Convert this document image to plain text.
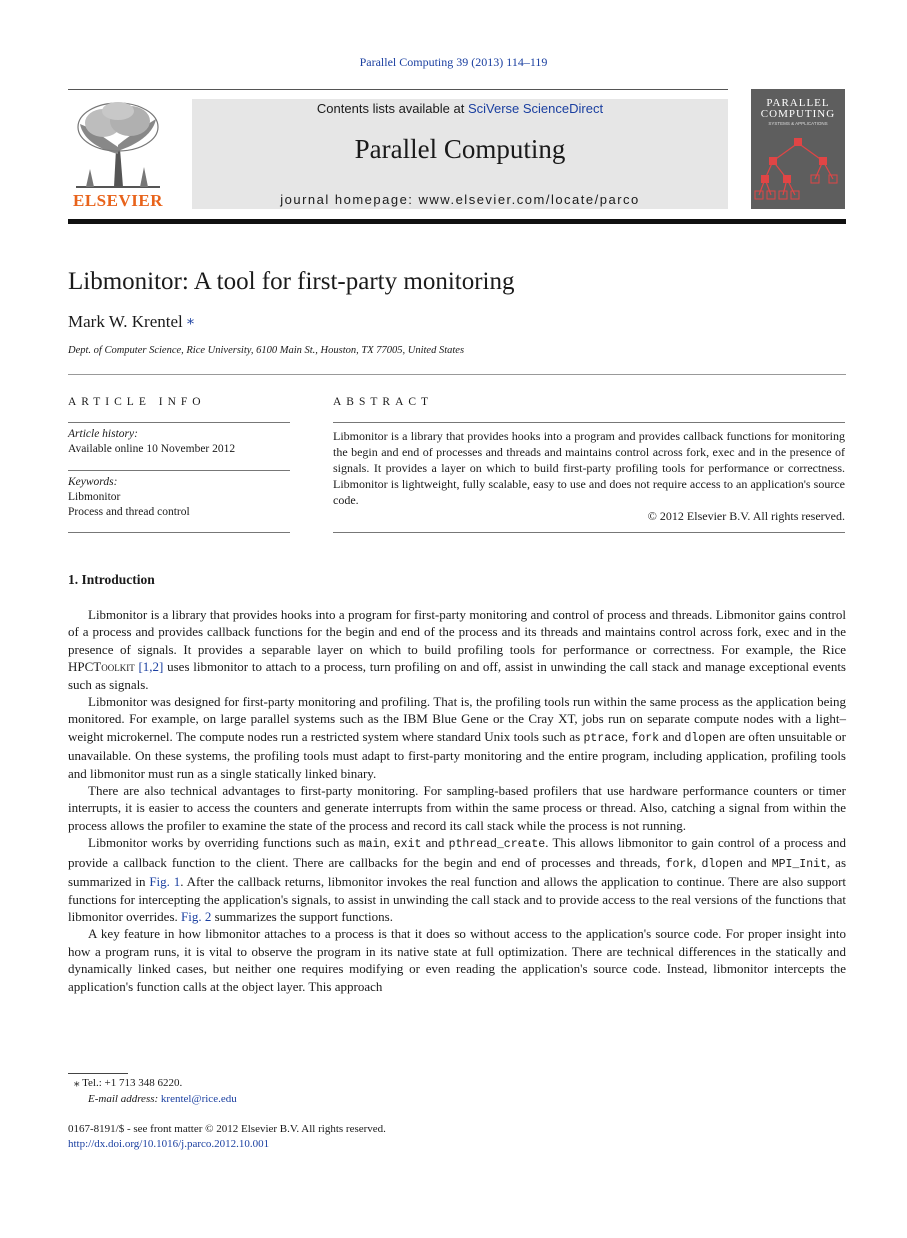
Parallel Computing 39 (2013) 114–119
ELSEVIER
Contents lists available at SciVerse ScienceDirect
Parallel Computing
journal homepage: www.elsevier.com/locate/parco
PARALLEL
COMPUTING
SYSTEMS & APPLICATIONS
Libmonitor: A tool for first-party monitoring
Mark W. Krentel ⁎
Dept. of Computer Science, Rice University, 6100 Main St., Houston, TX 77005, United States
ARTICLE INFO
Article history:
Available online 10 November 2012
Keywords:
Libmonitor
Process and thread control
ABSTRACT
Libmonitor is a library that provides hooks into a program and provides callback functions for monitoring the begin and end of processes and threads and maintains control across fork, exec and in the presence of signals. It provides a layer on which to build first-party profiling tools for performance or correctness. Libmonitor is lightweight, fully scalable, easy to use and does not require access to an application's source code.
© 2012 Elsevier B.V. All rights reserved.
1. Introduction

Libmonitor is a library that provides hooks into a program for first-party monitoring and control of process and threads. Libmonitor gains control of a process and provides callback functions for the begin and end of the process and its threads and maintains control across fork, exec and in the presence of signals. It provides a separable layer on which to build profiling tools for performance or correctness. For example, the Rice HPCToolkit [1,2] uses libmonitor to attach to a process, turn profiling on and off, assist in unwinding the call stack and manage exceptional events such as signals.

Libmonitor was designed for first-party monitoring and profiling. That is, the profiling tools run within the same process as the application being monitored. For example, on large parallel systems such as the IBM Blue Gene or the Cray XT, jobs run on separate compute nodes with a light–weight microkernel. The compute nodes run a restricted system where standard Unix tools such as ptrace, fork and dlopen are often unsuitable or unavailable. On these systems, the profiling tools must adapt to first-party monitoring and the entire program, including application, profiling tools and libmonitor must run as a single statically linked binary.

There are also technical advantages to first-party monitoring. For sampling-based profilers that use hardware performance counters or timer interrupts, it is easier to access the counters and generate interrupts from within the same process or thread. Also, catching a signal from within the process allows the profiler to examine the state of the process and record its call stack while the process is not running.

Libmonitor works by overriding functions such as main, exit and pthread_create. This allows libmonitor to gain control of a process and provide a callback function to the client. There are callbacks for the begin and end of processes and threads, fork, dlopen and MPI_Init, as summarized in Fig. 1. After the callback returns, libmonitor invokes the real function and allows the application to continue. There are also support functions for intercepting the application's signals, to assist in unwinding the call stack and to provide access to the real versions of the functions that libmonitor overrides. Fig. 2 summarizes the support functions.

A key feature in how libmonitor attaches to a process is that it does so without access to the application's source code. For proper insight into how a program runs, it is vital to observe the program in its native state at full optimization. There are technical differences in the statically and dynamically linked cases, but neither one requires modifying or even reading the application's source code. Instead, libmonitor intercepts the application's function calls at the object layer. This approach

⁎ Tel.: +1 713 348 6220.
E-mail address: krentel@rice.edu
0167-8191/$ - see front matter © 2012 Elsevier B.V. All rights reserved.
http://dx.doi.org/10.1016/j.parco.2012.10.001
